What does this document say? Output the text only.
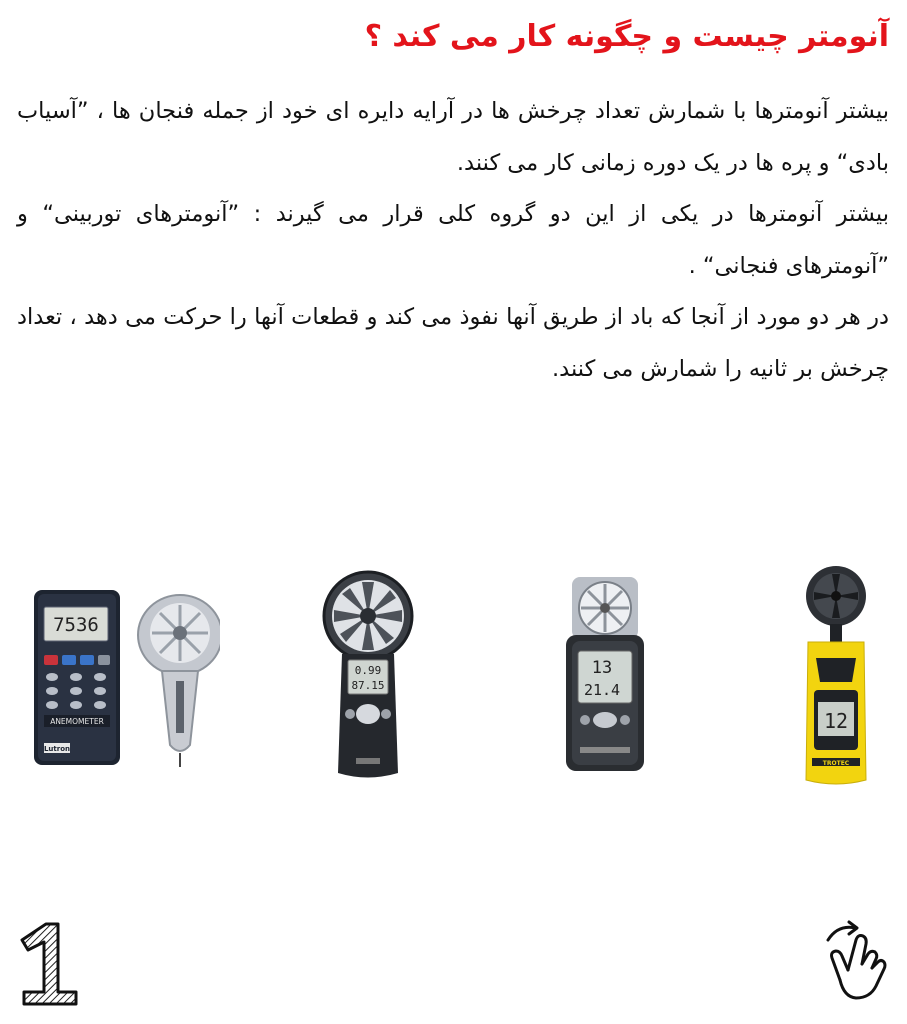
آنومتر چیست و چگونه کار می کند ؟

بیشتر آنومترها با شمارش تعداد چرخش ها در آرایه دایره ای خود از جمله فنجان ها ، ”آسیاب بادی“ و پره ها در یک دوره زمانی کار می کنند.

بیشتر آنومترها در یکی از این دو گروه کلی قرار می گیرند : ”آنومترهای توربینی“ و ”آنومترهای فنجانی“ .

در هر دو مورد از آنجا که باد از طریق آنها نفوذ می کند و قطعات آنها را حرکت می دهد ، تعداد چرخش بر ثانیه را شمارش می کنند.

7536
ANEMOMETER
Lutron
0.99
87.15
13
21.4
12
TROTEC
1
